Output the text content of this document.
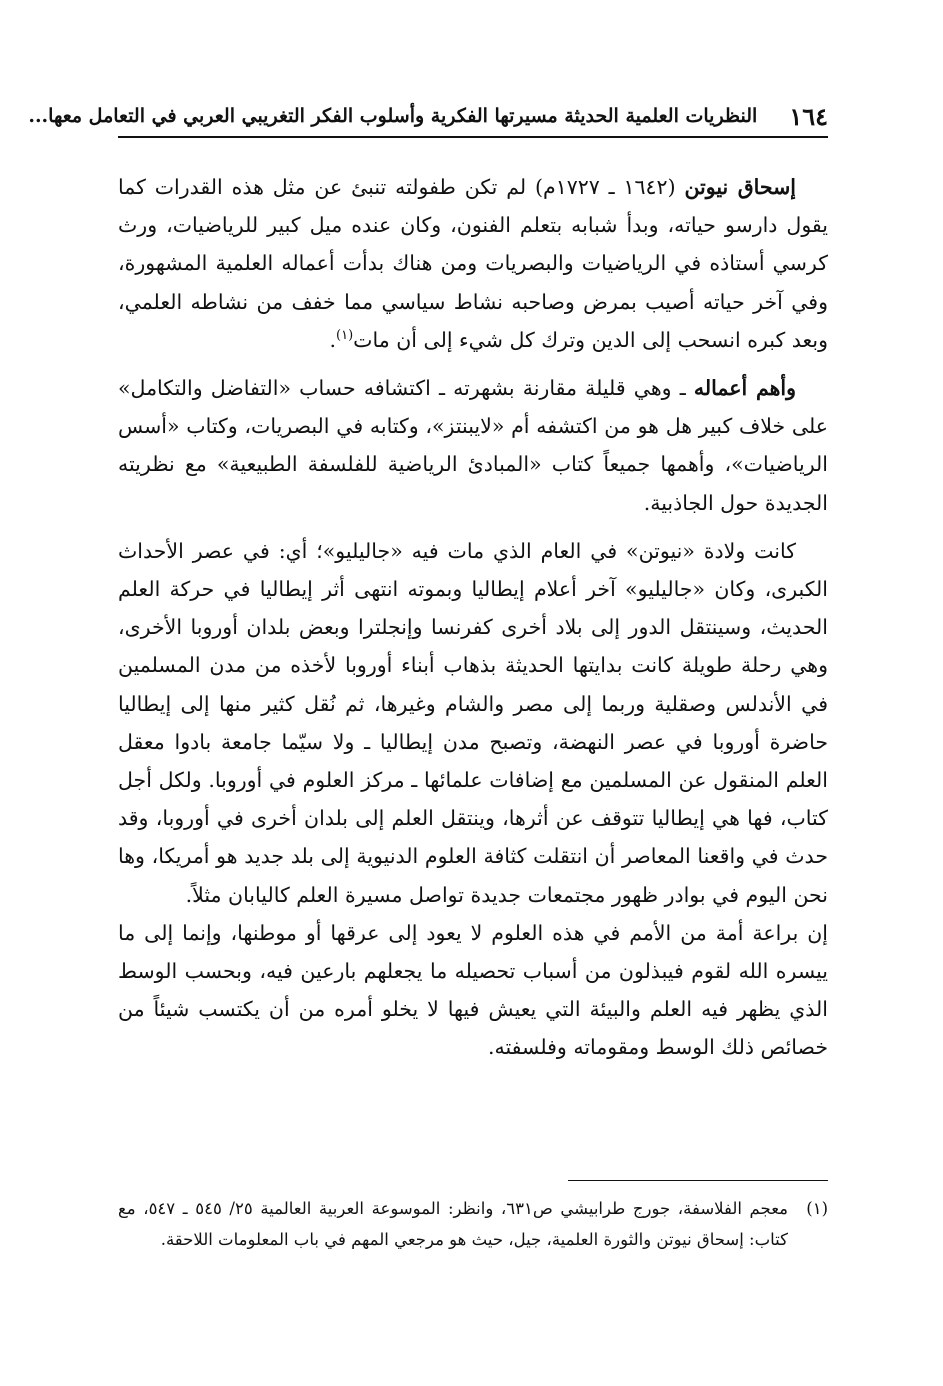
١٦٤
النظريات العلمية الحديثة مسيرتها الفكرية وأسلوب الفكر التغريبي العربي في التعامل معها...

إسحاق نيوتن (١٦٤٢ ـ ١٧٢٧م) لم تكن طفولته تنبئ عن مثل هذه القدرات كما يقول دارسو حياته، وبدأ شبابه بتعلم الفنون، وكان عنده ميل كبير للرياضيات، ورث كرسي أستاذه في الرياضيات والبصريات ومن هناك بدأت أعماله العلمية المشهورة، وفي آخر حياته أصيب بمرض وصاحبه نشاط سياسي مما خفف من نشاطه العلمي، وبعد كبره انسحب إلى الدين وترك كل شيء إلى أن مات$^{(١)}$.

وأهم أعماله ـ وهي قليلة مقارنة بشهرته ـ اكتشافه حساب «التفاضل والتكامل» على خلاف كبير هل هو من اكتشفه أم «لايبنتز»، وكتابه في البصريات، وكتاب «أسس الرياضيات»، وأهمها جميعاً كتاب «المبادئ الرياضية للفلسفة الطبيعية» مع نظريته الجديدة حول الجاذبية.

كانت ولادة «نيوتن» في العام الذي مات فيه «جاليليو»؛ أي: في عصر الأحداث الكبرى، وكان «جاليليو» آخر أعلام إيطاليا وبموته انتهى أثر إيطاليا في حركة العلم الحديث، وسينتقل الدور إلى بلاد أخرى كفرنسا وإنجلترا وبعض بلدان أوروبا الأخرى، وهي رحلة طويلة كانت بدايتها الحديثة بذهاب أبناء أوروبا لأخذه من مدن المسلمين في الأندلس وصقلية وربما إلى مصر والشام وغيرها، ثم نُقل كثير منها إلى إيطاليا حاضرة أوروبا في عصر النهضة، وتصبح مدن إيطاليا ـ ولا سيّما جامعة بادوا معقل العلم المنقول عن المسلمين مع إضافات علمائها ـ مركز العلوم في أوروبا. ولكل أجل كتاب، فها هي إيطاليا تتوقف عن أثرها، وينتقل العلم إلى بلدان أخرى في أوروبا، وقد حدث في واقعنا المعاصر أن انتقلت كثافة العلوم الدنيوية إلى بلد جديد هو أمريكا، وها نحن اليوم في بوادر ظهور مجتمعات جديدة تواصل مسيرة العلم كاليابان مثلاً.

إن براعة أمة من الأمم في هذه العلوم لا يعود إلى عرقها أو موطنها، وإنما إلى ما ييسره الله لقوم فيبذلون من أسباب تحصيله ما يجعلهم بارعين فيه، وبحسب الوسط الذي يظهر فيه العلم والبيئة التي يعيش فيها لا يخلو أمره من أن يكتسب شيئاً من خصائص ذلك الوسط ومقوماته وفلسفته.

(١)
معجم الفلاسفة، جورج طرابيشي ص٦٣١، وانظر: الموسوعة العربية العالمية ٢٥/ ٥٤٥ ـ ٥٤٧، مع كتاب: إسحاق نيوتن والثورة العلمية، جيل، حيث هو مرجعي المهم في باب المعلومات اللاحقة.
